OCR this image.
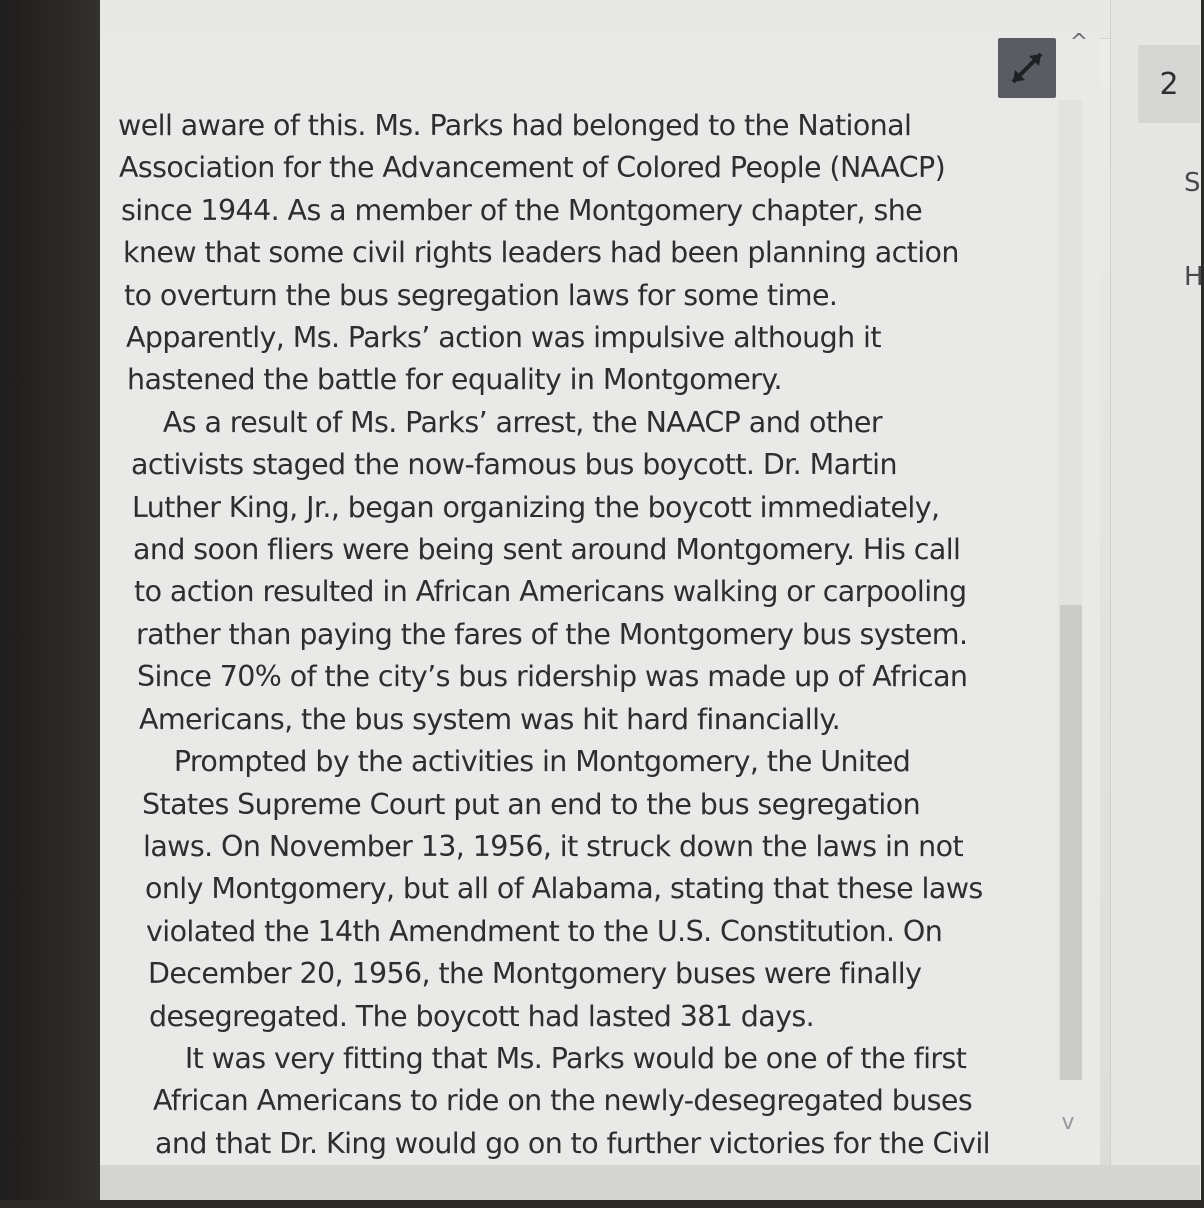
well aware of this. Ms. Parks had belonged to the National
Association for the Advancement of Colored People (NAACP)
since 1944. As a member of the Montgomery chapter, she
knew that some civil rights leaders had been planning action
to overturn the bus segregation laws for some time.
Apparently, Ms. Parks’ action was impulsive although it
hastened the battle for equality in Montgomery.
As a result of Ms. Parks’ arrest, the NAACP and other
activists staged the now-famous bus boycott. Dr. Martin
Luther King, Jr., began organizing the boycott immediately,
and soon fliers were being sent around Montgomery. His call
to action resulted in African Americans walking or carpooling
rather than paying the fares of the Montgomery bus system.
Since 70% of the city’s bus ridership was made up of African
Americans, the bus system was hit hard financially.
Prompted by the activities in Montgomery, the United
States Supreme Court put an end to the bus segregation
laws. On November 13, 1956, it struck down the laws in not
only Montgomery, but all of Alabama, stating that these laws
violated the 14th Amendment to the U.S. Constitution. On
December 20, 1956, the Montgomery buses were finally
desegregated. The boycott had lasted 381 days.
It was very fitting that Ms. Parks would be one of the first
African Americans to ride on the newly-desegregated buses
and that Dr. King would go on to further victories for the Civil
^
v
2
S
H
